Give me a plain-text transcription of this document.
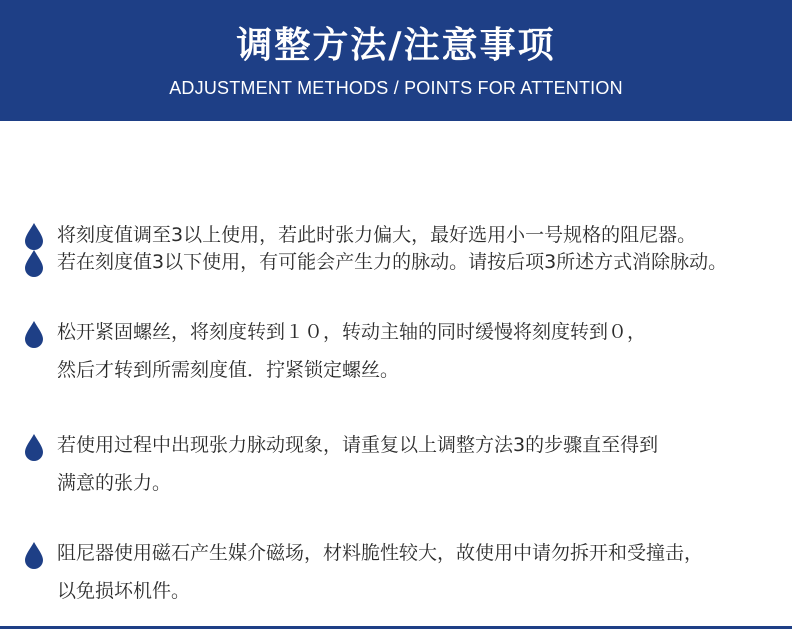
调整方法/注意事项
ADJUSTMENT METHODS / POINTS FOR ATTENTION
将刻度值调至3以上使用，若此时张力偏大，最好选用小一号规格的阻尼器。
若在刻度值3以下使用，有可能会产生力的脉动。请按后项3所述方式消除脉动。
松开紧固螺丝，将刻度转到１０，转动主轴的同时缓慢将刻度转到０，
然后才转到所需刻度值．拧紧锁定螺丝。
若使用过程中出现张力脉动现象，请重复以上调整方法3的步骤直至得到
满意的张力。
阻尼器使用磁石产生媒介磁场，材料脆性较大，故使用中请勿拆开和受撞击，
以免损坏机件。
